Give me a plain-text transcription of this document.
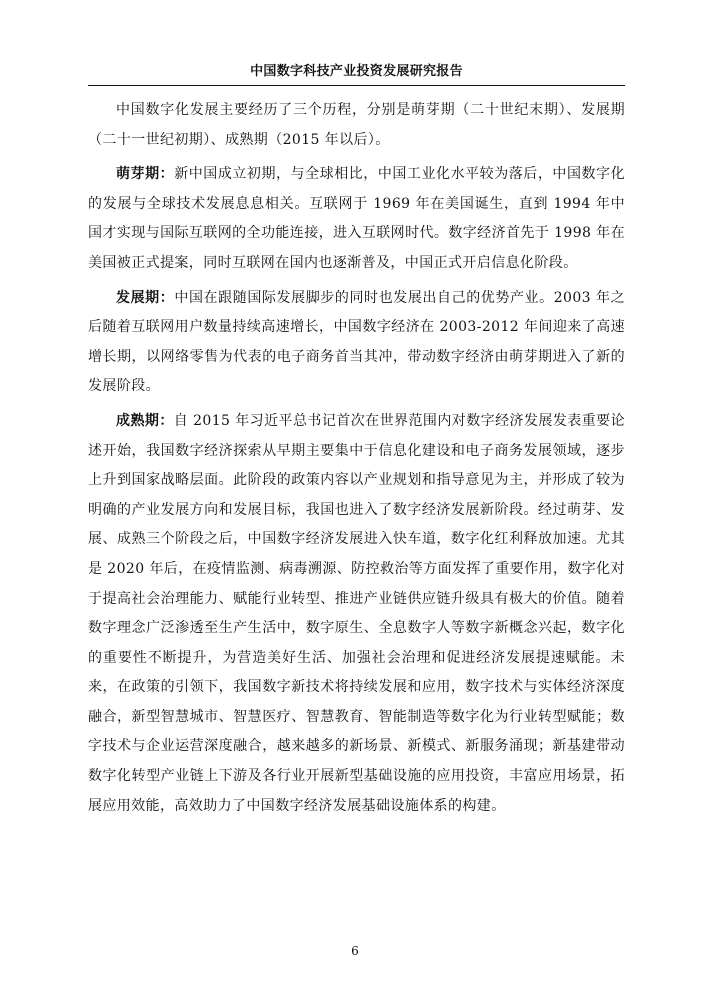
中国数字科技产业投资发展研究报告

中国数字化发展主要经历了三个历程，分别是萌芽期（二十世纪末期）、发展期（二十一世纪初期）、成熟期（2015 年以后）。

萌芽期：新中国成立初期，与全球相比，中国工业化水平较为落后，中国数字化的发展与全球技术发展息息相关。互联网于 1969 年在美国诞生，直到 1994 年中国才实现与国际互联网的全功能连接，进入互联网时代。数字经济首先于 1998 年在美国被正式提案，同时互联网在国内也逐渐普及，中国正式开启信息化阶段。

发展期：中国在跟随国际发展脚步的同时也发展出自己的优势产业。2003 年之后随着互联网用户数量持续高速增长，中国数字经济在 2003-2012 年间迎来了高速增长期，以网络零售为代表的电子商务首当其冲，带动数字经济由萌芽期进入了新的发展阶段。

成熟期：自 2015 年习近平总书记首次在世界范围内对数字经济发展发表重要论述开始，我国数字经济探索从早期主要集中于信息化建设和电子商务发展领域，逐步上升到国家战略层面。此阶段的政策内容以产业规划和指导意见为主，并形成了较为明确的产业发展方向和发展目标，我国也进入了数字经济发展新阶段。经过萌芽、发展、成熟三个阶段之后，中国数字经济发展进入快车道，数字化红利释放加速。尤其是 2020 年后，在疫情监测、病毒溯源、防控救治等方面发挥了重要作用，数字化对于提高社会治理能力、赋能行业转型、推进产业链供应链升级具有极大的价值。随着数字理念广泛渗透至生产生活中，数字原生、全息数字人等数字新概念兴起，数字化的重要性不断提升，为营造美好生活、加强社会治理和促进经济发展提速赋能。未来，在政策的引领下，我国数字新技术将持续发展和应用，数字技术与实体经济深度融合，新型智慧城市、智慧医疗、智慧教育、智能制造等数字化为行业转型赋能；数字技术与企业运营深度融合，越来越多的新场景、新模式、新服务涌现；新基建带动数字化转型产业链上下游及各行业开展新型基础设施的应用投资，丰富应用场景，拓展应用效能，高效助力了中国数字经济发展基础设施体系的构建。

6
